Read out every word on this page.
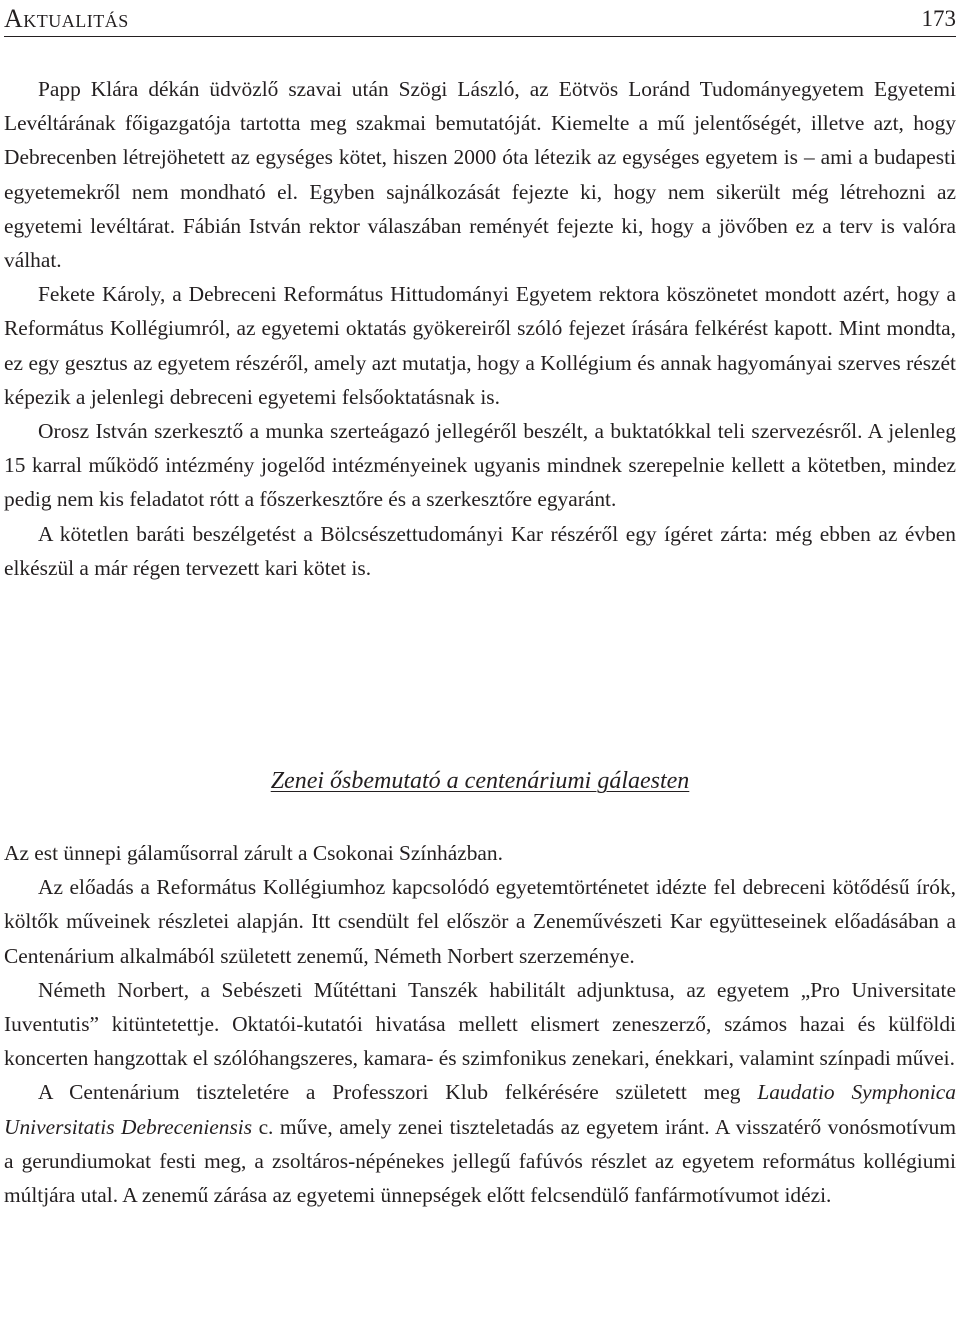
Aktualitás	173

Papp Klára dékán üdvözlő szavai után Szögi László, az Eötvös Loránd Tudományegyetem Egyetemi Levéltárának főigazgatója tartotta meg szakmai bemutatóját. Kiemelte a mű jelentőségét, illetve azt, hogy Debrecenben létrejöhetett az egységes kötet, hiszen 2000 óta létezik az egységes egyetem is – ami a budapesti egyetemekről nem mondható el. Egyben sajnálkozását fejezte ki, hogy nem sikerült még létrehozni az egyetemi levéltárat. Fábián István rektor válaszában reményét fejezte ki, hogy a jövőben ez a terv is valóra válhat.

Fekete Károly, a Debreceni Református Hittudományi Egyetem rektora köszönetet mondott azért, hogy a Református Kollégiumról, az egyetemi oktatás gyökereiről szóló fejezet írására felkérést kapott. Mint mondta, ez egy gesztus az egyetem részéről, amely azt mutatja, hogy a Kollégium és annak hagyományai szerves részét képezik a jelenlegi debreceni egyetemi felsőoktatásnak is.

Orosz István szerkesztő a munka szerteágazó jellegéről beszélt, a buktatókkal teli szervezésről. A jelenleg 15 karral működő intézmény jogelőd intézményeinek ugyanis mindnek szerepelnie kellett a kötetben, mindez pedig nem kis feladatot rótt a főszerkesztőre és a szerkesztőre egyaránt.

A kötetlen baráti beszélgetést a Bölcsészettudományi Kar részéről egy ígéret zárta: még ebben az évben elkészül a már régen tervezett kari kötet is.

Zenei ősbemutató a centenáriumi gálaesten

Az est ünnepi gálaműsorral zárult a Csokonai Színházban.

Az előadás a Református Kollégiumhoz kapcsolódó egyetemtörténetet idézte fel debreceni kötődésű írók, költők műveinek részletei alapján. Itt csendült fel először a Zeneművészeti Kar együtteseinek előadásában a Centenárium alkalmából született zenemű, Németh Norbert szerzeménye.

Németh Norbert, a Sebészeti Műtéttani Tanszék habilitált adjunktusa, az egyetem „Pro Universitate Iuventutis” kitüntetettje. Oktatói-kutatói hivatása mellett elismert zeneszerző, számos hazai és külföldi koncerten hangzottak el szólóhangszeres, kamara- és szimfonikus zenekari, énekkari, valamint színpadi művei.

A Centenárium tiszteletére a Professzori Klub felkérésére született meg Laudatio Symphonica Universitatis Debreceniensis c. műve, amely zenei tiszteletadás az egyetem iránt. A visszatérő vonósmotívum a gerundiumokat festi meg, a zsoltáros-népénekes jellegű fafúvós részlet az egyetem református kollégiumi múltjára utal. A zenemű zárása az egyetemi ünnepségek előtt felcsendülő fanfármotívumot idézi.
